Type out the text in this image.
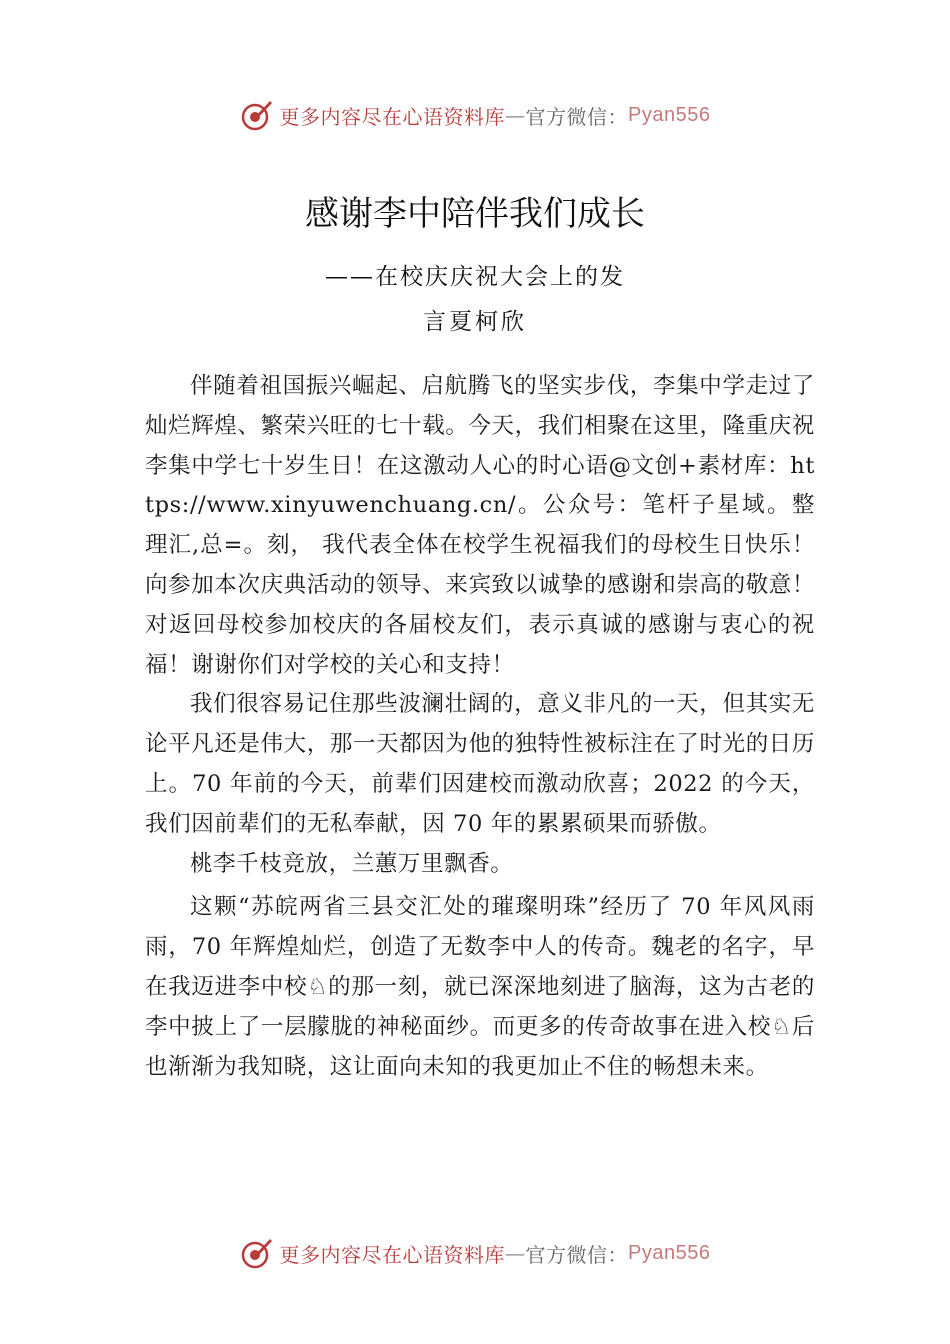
更多内容尽在心语资料库 — 官方微信： Pyan556
感谢李中陪伴我们成长
——在校庆庆祝大会上的发
言夏柯欣

伴随着祖国振兴崛起、启航腾飞的坚实步伐，李集中学走过了灿烂辉煌、繁荣兴旺的七十载。今天，我们相聚在这里，隆重庆祝李集中学七十岁生日！在这激动人心的时心语@文创+素材库：https://www.xinyuwenchuang.cn/。公众号：笔杆子星域。整理汇,总=。刻， 我代表全体在校学生祝福我们的母校生日快乐！向参加本次庆典活动的领导、来宾致以诚挚的感谢和崇高的敬意！对返回母校参加校庆的各届校友们，表示真诚的感谢与衷心的祝福！谢谢你们对学校的关心和支持！

我们很容易记住那些波澜壮阔的，意义非凡的一天，但其实无论平凡还是伟大，那一天都因为他的独特性被标注在了时光的日历上。70 年前的今天，前辈们因建校而激动欣喜；2022 的今天，我们因前辈们的无私奉献，因 70 年的累累硕果而骄傲。

桃李千枝竞放，兰蕙万里飘香。

这颗“苏皖两省三县交汇处的璀璨明珠”经历了 70 年风风雨雨，70 年辉煌灿烂，创造了无数李中人的传奇。魏老的名字，早在我迈进李中校♘的那一刻，就已深深地刻进了脑海，这为古老的李中披上了一层朦胧的神秘面纱。而更多的传奇故事在进入校♘后也渐渐为我知晓，这让面向未知的我更加止不住的畅想未来。

更多内容尽在心语资料库 — 官方微信： Pyan556
